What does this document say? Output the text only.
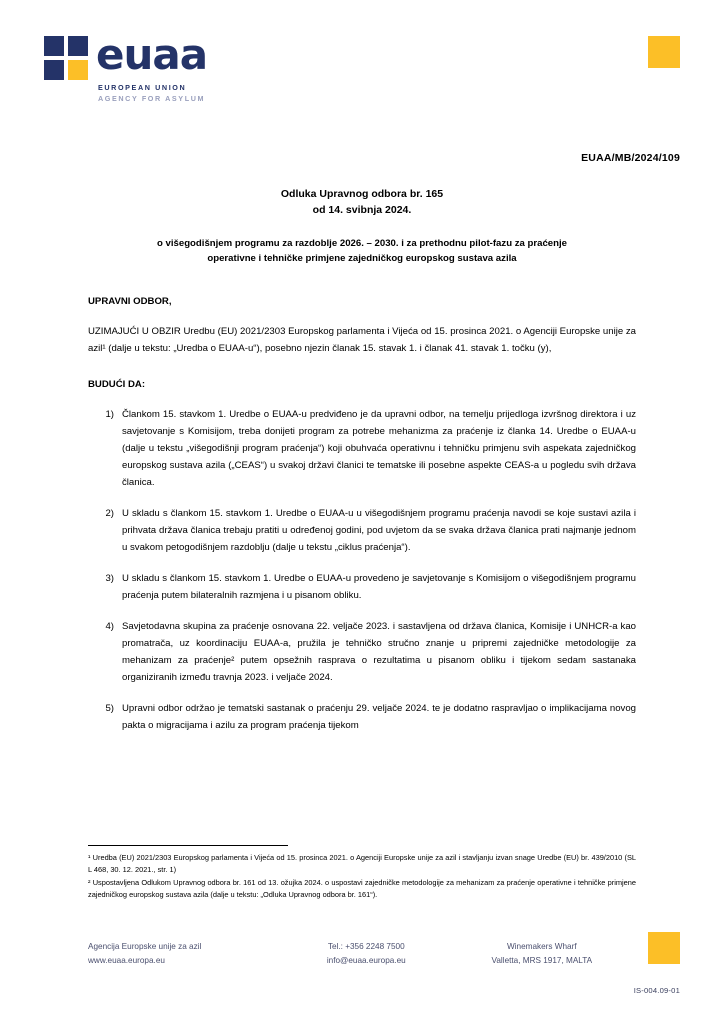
euaa
EUROPEAN UNION
AGENCY FOR ASYLUM
EUAA/MB/2024/109
Odluka Upravnog odbora br. 165
od 14. svibnja 2024.
o višegodišnjem programu za razdoblje 2026. – 2030. i za prethodnu pilot-fazu za praćenje
operativne i tehničke primjene zajedničkog europskog sustava azila

UPRAVNI ODBOR,

UZIMAJUĆI U OBZIR Uredbu (EU) 2021/2303 Europskog parlamenta i Vijeća od 15. prosinca 2021. o Agenciji Europske unije za azil¹ (dalje u tekstu: „Uredba o EUAA-u“), posebno njezin članak 15. stavak 1. i članak 41. stavak 1. točku (y),

BUDUĆI DA:

1) Člankom 15. stavkom 1. Uredbe o EUAA-u predviđeno je da upravni odbor, na temelju prijedloga izvršnog direktora i uz savjetovanje s Komisijom, treba donijeti program za potrebe mehanizma za praćenje iz članka 14. Uredbe o EUAA-u (dalje u tekstu „višegodišnji program praćenja“) koji obuhvaća operativnu i tehničku primjenu svih aspekata zajedničkog europskog sustava azila („CEAS“) u svakoj državi članici te tematske ili posebne aspekte CEAS-a u pogledu svih država članica.
2) U skladu s člankom 15. stavkom 1. Uredbe o EUAA-u u višegodišnjem programu praćenja navodi se koje sustavi azila i prihvata država članica trebaju pratiti u određenoj godini, pod uvjetom da se svaka država članica prati najmanje jednom u svakom petogodišnjem razdoblju (dalje u tekstu „ciklus praćenja“).
3) U skladu s člankom 15. stavkom 1. Uredbe o EUAA-u provedeno je savjetovanje s Komisijom o višegodišnjem programu praćenja putem bilateralnih razmjena i u pisanom obliku.
4) Savjetodavna skupina za praćenje osnovana 22. veljače 2023. i sastavljena od država članica, Komisije i UNHCR-a kao promatrača, uz koordinaciju EUAA-a, pružila je tehničko stručno znanje u pripremi zajedničke metodologije za mehanizam za praćenje² putem opsežnih rasprava o rezultatima u pisanom obliku i tijekom sedam sastanaka organiziranih između travnja 2023. i veljače 2024.
5) Upravni odbor održao je tematski sastanak o praćenju 29. veljače 2024. te je dodatno raspravljao o implikacijama novog pakta o migracijama i azilu za program praćenja tijekom

¹ Uredba (EU) 2021/2303 Europskog parlamenta i Vijeća od 15. prosinca 2021. o Agenciji Europske unije za azil i stavljanju izvan snage Uredbe (EU) br. 439/2010 (SL L 468, 30. 12. 2021., str. 1)

² Uspostavljena Odlukom Upravnog odbora br. 161 od 13. ožujka 2024. o uspostavi zajedničke metodologije za mehanizam za praćenje operativne i tehničke primjene zajedničkog europskog sustava azila (dalje u tekstu: „Odluka Upravnog odbora br. 161“).

Agencija Europske unije za azil
www.euaa.europa.eu
Tel.: +356 2248 7500
info@euaa.europa.eu
Winemakers Wharf
Valletta, MRS 1917, MALTA
IS-004.09-01
